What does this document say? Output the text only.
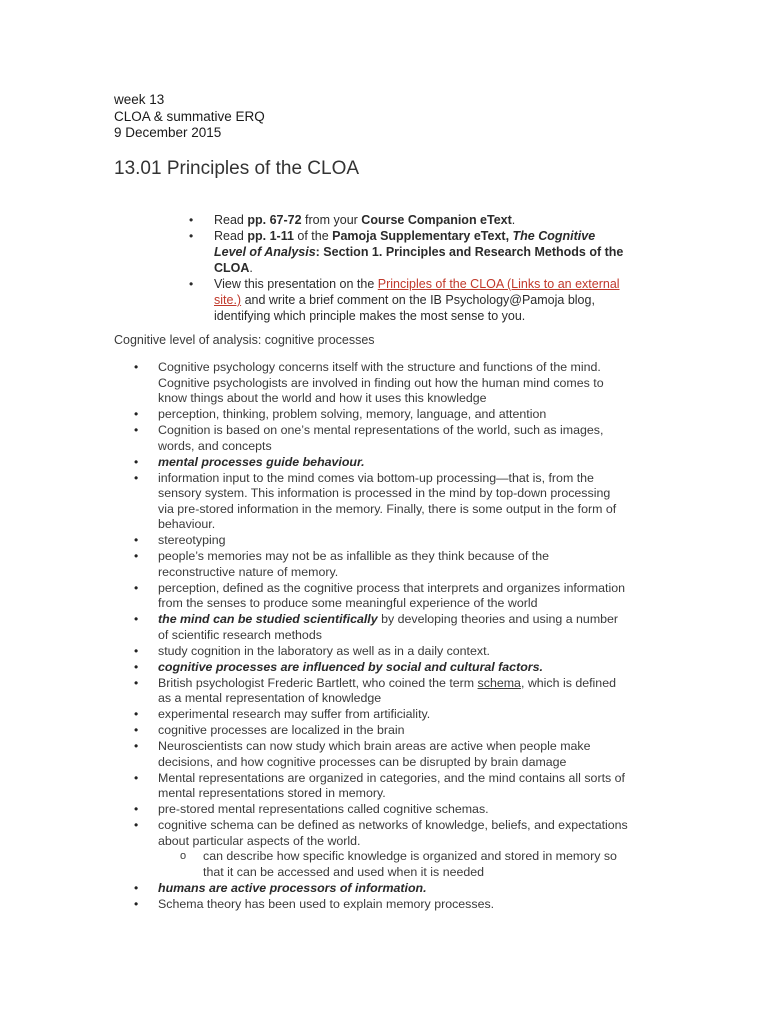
week 13
CLOA & summative ERQ
9 December 2015
13.01 Principles of the CLOA
• Read pp. 67-72 from your Course Companion eText.
• Read pp. 1-11 of the Pamoja Supplementary eText, The Cognitive Level of Analysis: Section 1. Principles and Research Methods of the CLOA.
• View this presentation on the Principles of the CLOA (Links to an external site.) and write a brief comment on the IB Psychology@Pamoja blog, identifying which principle makes the most sense to you.
Cognitive level of analysis: cognitive processes
• Cognitive psychology concerns itself with the structure and functions of the mind. Cognitive psychologists are involved in finding out how the human mind comes to know things about the world and how it uses this knowledge
• perception, thinking, problem solving, memory, language, and attention
• Cognition is based on one’s mental representations of the world, such as images, words, and concepts
• mental processes guide behaviour.
• information input to the mind comes via bottom-up processing—that is, from the sensory system. This information is processed in the mind by top-down processing via pre-stored information in the memory. Finally, there is some output in the form of behaviour.
• stereotyping
• people’s memories may not be as infallible as they think because of the reconstructive nature of memory.
• perception, defined as the cognitive process that interprets and organizes information from the senses to produce some meaningful experience of the world
• the mind can be studied scientifically by developing theories and using a number of scientific research methods
• study cognition in the laboratory as well as in a daily context.
• cognitive processes are influenced by social and cultural factors.
• British psychologist Frederic Bartlett, who coined the term schema, which is defined as a mental representation of knowledge
• experimental research may suffer from artificiality.
• cognitive processes are localized in the brain
• Neuroscientists can now study which brain areas are active when people make decisions, and how cognitive processes can be disrupted by brain damage
• Mental representations are organized in categories, and the mind contains all sorts of mental representations stored in memory.
• pre-stored mental representations called cognitive schemas.
• cognitive schema can be defined as networks of knowledge, beliefs, and expectations about particular aspects of the world.
o can describe how specific knowledge is organized and stored in memory so that it can be accessed and used when it is needed
• humans are active processors of information.
• Schema theory has been used to explain memory processes.
